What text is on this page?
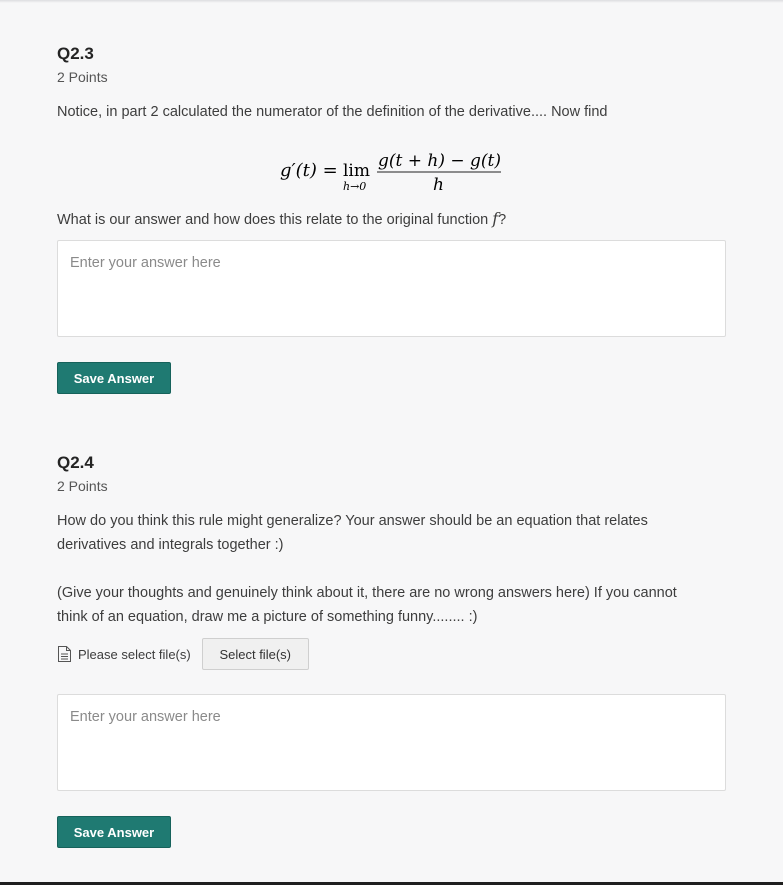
Q2.3
2 Points
Notice, in part 2 calculated the numerator of the definition of the derivative.... Now find
g′(t) = lim
h→0
g(t + h) − g(t)
h
What is our answer and how does this relate to the original function f?
Enter your answer here
Save Answer
Q2.4
2 Points
How do you think this rule might generalize? Your answer should be an equation that relates derivatives and integrals together :)
(Give your thoughts and genuinely think about it, there are no wrong answers here) If you cannot think of an equation, draw me a picture of something funny........ :)
Please select file(s)	Select file(s)
Enter your answer here
Save Answer
